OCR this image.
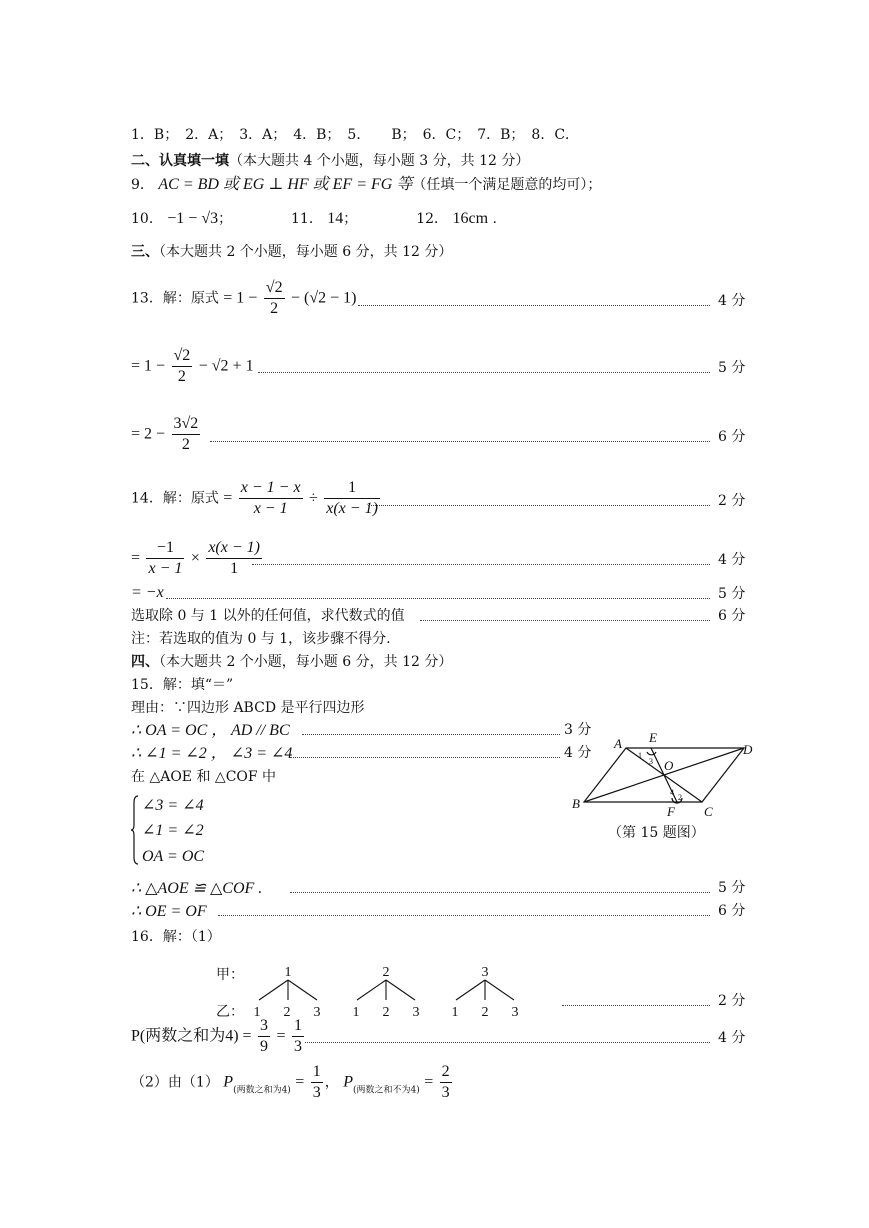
1．B；　2．A；　3．A；　4．B；　5．　　B；　6．C；　7．B；　8．C．
二、认真填一填（本大题共 4 个小题，每小题 3 分，共 12 分）
9． AC = BD 或 EG ⊥ HF 或 EF = FG 等（任填一个满足题意的均可）；
10． −1 − √3；	11． 14；	12． 16cm .
三、（本大题共 2 个小题，每小题 6 分，共 12 分）
13．解：原式 = $1 - \frac{√2}{2} - (√2 - 1)$	4 分
= $1 - \frac{√2}{2} - √2 + 1$	5 分
= $2 - \frac{3√2}{2}$	6 分
14．解：原式 = $\frac{x - 1 - x}{x - 1} \div \frac{1}{x(x - 1)}$	2 分
= $\frac{-1}{x - 1} \times \frac{x(x - 1)}{1}$	4 分
= −x	5 分
选取除 0 与 1 以外的任何值，求代数式的值	6 分
注：若选取的值为 0 与 1，该步骤不得分.
四、（本大题共 2 个小题，每小题 6 分，共 12 分）
15．解：填“＝”
理由：∵四边形 ABCD 是平行四边形
∴ OA = OC ， AD // BC	3 分
∴ ∠1 = ∠2 ， ∠3 = ∠4	4 分
在 △AOE 和 △COF 中
∠3 = ∠4
∠1 = ∠2
OA = OC
∴ △AOE ≌ △COF .	5 分
∴ OE = OF	6 分
A E
D
B
C
F
O
1
2
3
4
（第 15 题图）
16．解：（1）
甲：
乙：
1	2	3
1 2 3 1 2 3 1 2 3
2 分
P(两数之和为$4) = \frac{3}{9} = \frac{1}{3}$	4 分
（2）由（1） $P_{(两数之和为4)} = \frac{1}{3}$ ， $P_{(两数之和不为4)} = \frac{2}{3}$
